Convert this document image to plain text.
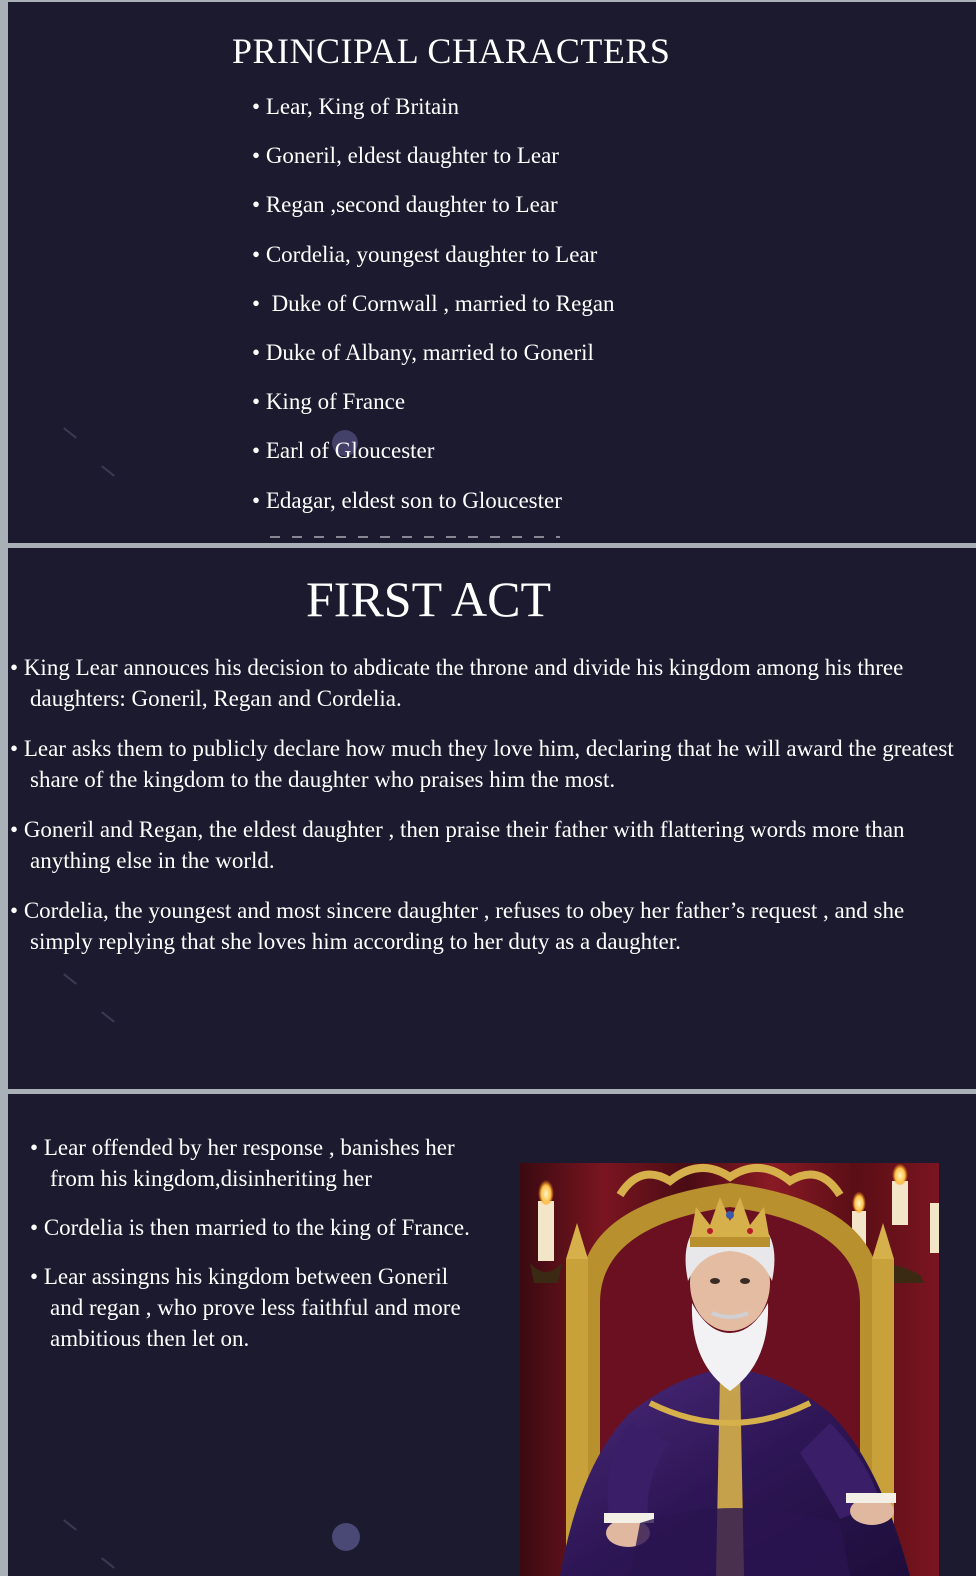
PRINCIPAL CHARACTERS
• Lear, King of Britain
• Goneril, eldest daughter to Lear
• Regan ,second daughter to Lear
• Cordelia, youngest daughter to Lear
•  Duke of Cornwall , married to Regan
• Duke of Albany, married to Goneril
• King of France
• Earl of Gloucester
• Edagar, eldest son to Gloucester
FIRST ACT
• King Lear annouces his decision to abdicate the throne and divide his kingdom among his three daughters: Goneril, Regan and Cordelia.
• Lear asks them to publicly declare how much they love him, declaring that he will award the greatest share of the kingdom to the daughter who praises him the most.
• Goneril and Regan, the eldest daughter , then praise their father with flattering words more than anything else in the world.
• Cordelia, the youngest and most sincere daughter , refuses to obey her father’s request , and she simply replying that she loves him according to her duty as a daughter.
• Lear offended by her response , banishes her from his kingdom,disinheriting her
• Cordelia is then married to the king of France.
• Lear assingns his kingdom between Goneril and regan , who prove less faithful and more ambitious then let on.
